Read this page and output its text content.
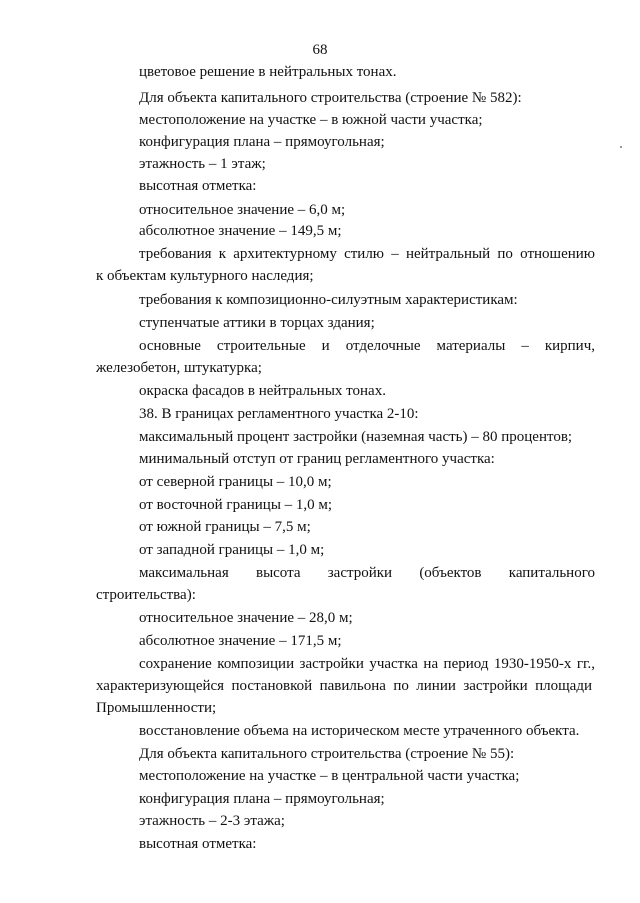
68
цветовое решение в нейтральных тонах.
Для объекта капитального строительства (строение № 582):
местоположение на участке – в южной части участка;
конфигурация плана – прямоугольная;
этажность – 1 этаж;
высотная отметка:
относительное значение – 6,0 м;
абсолютное значение – 149,5 м;
требования к архитектурному стилю – нейтральный по отношению
к объектам культурного наследия;
требования к композиционно-силуэтным характеристикам:
ступенчатые аттики в торцах здания;
основные строительные и отделочные материалы – кирпич,
железобетон, штукатурка;
окраска фасадов в нейтральных тонах.
38. В границах регламентного участка 2-10:
максимальный процент застройки (наземная часть) – 80 процентов;
минимальный отступ от границ регламентного участка:
от северной границы – 10,0 м;
от восточной границы – 1,0 м;
от южной границы – 7,5 м;
от западной границы – 1,0 м;
максимальная высота застройки (объектов капитального
строительства):
относительное значение – 28,0 м;
абсолютное значение – 171,5 м;
сохранение композиции застройки участка на период 1930-1950-х гг.,
характеризующейся постановкой павильона по линии застройки площади
Промышленности;
восстановление объема на историческом месте утраченного объекта.
Для объекта капитального строительства (строение № 55):
местоположение на участке – в центральной части участка;
конфигурация плана – прямоугольная;
этажность – 2-3 этажа;
высотная отметка:
